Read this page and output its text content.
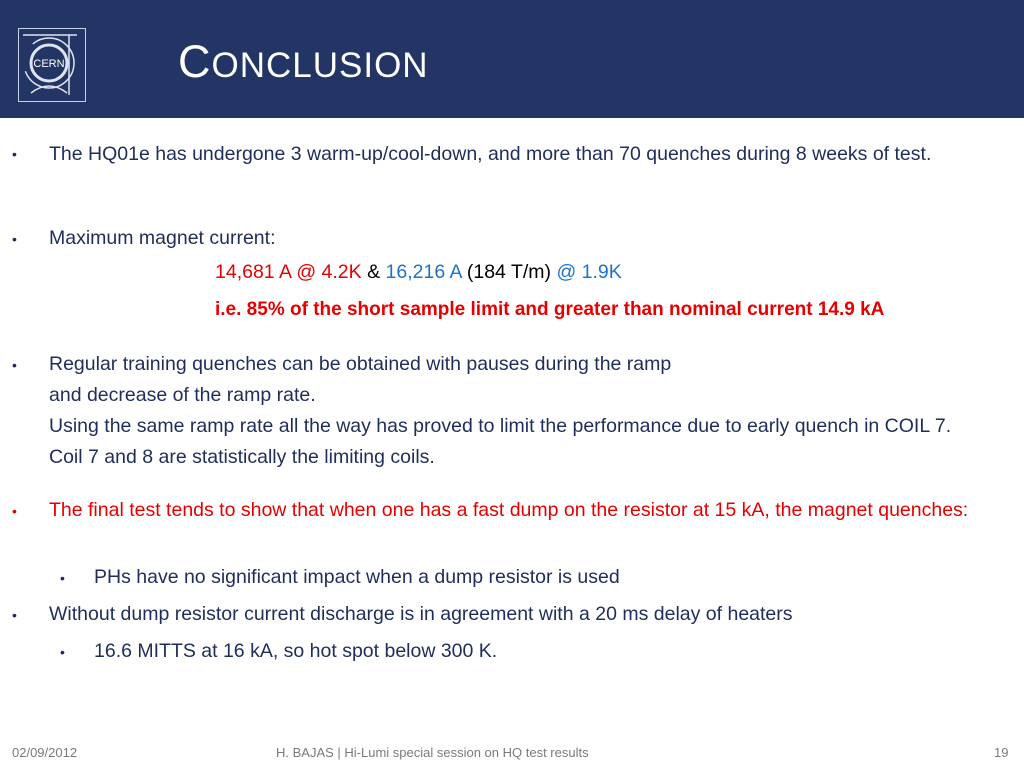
CERN	CONCLUSION
• The HQ01e has undergone 3 warm-up/cool-down, and more than 70 quenches during 8 weeks of test.
• Maximum magnet current:
14,681 A @ 4.2K & 16,216 A (184 T/m) @ 1.9K
i.e. 85% of the short sample limit and greater than nominal current 14.9 kA
• Regular training quenches can be obtained with pauses during the ramp
and decrease of the ramp rate.
Using the same ramp rate all the way has proved to limit the performance due to early quench in COIL 7. Coil 7 and 8 are statistically the limiting coils.
• The final test tends to show that when one has a fast dump on the resistor at 15 kA, the magnet quenches:
• PHs have no significant impact when a dump resistor is used
• Without dump resistor current discharge is in agreement with a 20 ms delay of heaters
• 16.6 MITTS at 16 kA, so hot spot below 300 K.
02/09/2012	H. BAJAS | Hi-Lumi special session on HQ test results	19
